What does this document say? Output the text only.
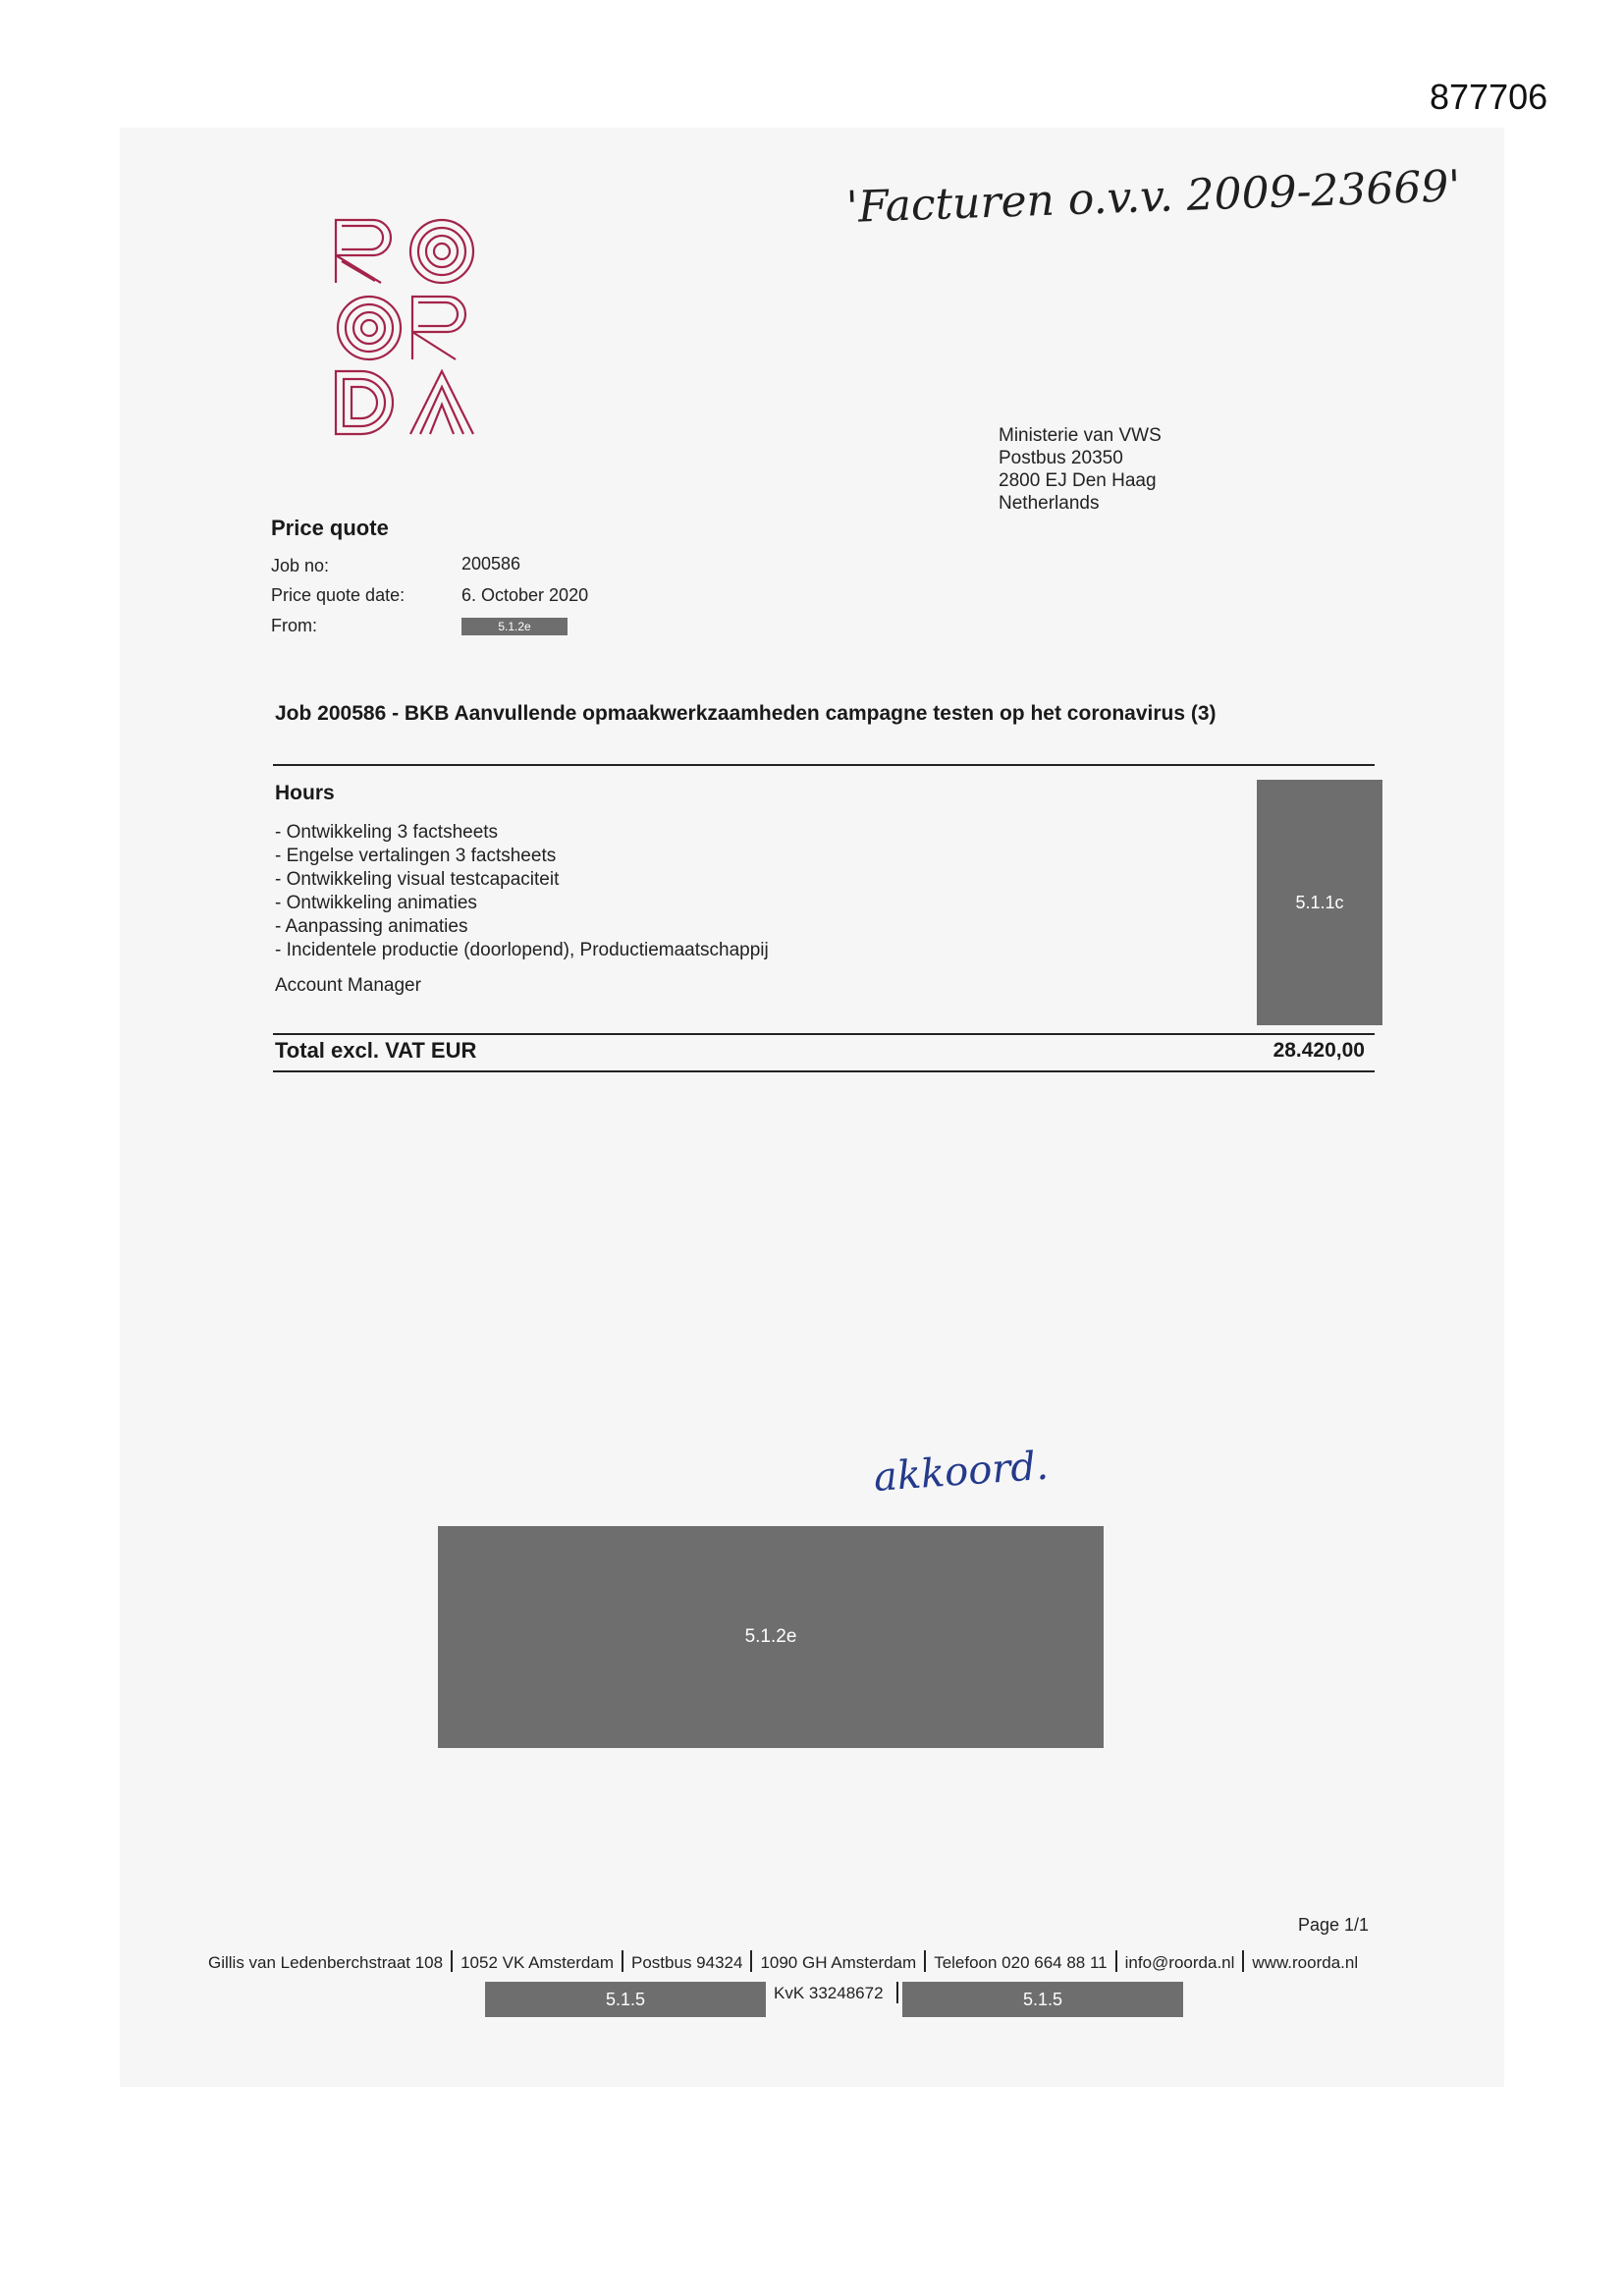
877706
'Facturen o.v.v. 2009-23669'
Ministerie van VWS
Postbus 20350
2800 EJ Den Haag
Netherlands
Price quote
Job no:	200586
Price quote date:	6. October 2020
From:	5.1.2e
Job 200586 - BKB Aanvullende opmaakwerkzaamheden campagne testen op het coronavirus (3)
Hours
- Ontwikkeling 3 factsheets
- Engelse vertalingen 3 factsheets
- Ontwikkeling visual testcapaciteit
- Ontwikkeling animaties
- Aanpassing animaties
- Incidentele productie (doorlopend), Productiemaatschappij
Account Manager
5.1.1c
Total excl. VAT EUR	28.420,00
akkoord.
5.1.2e
Page 1/1
Gillis van Ledenberchstraat 108 1052 VK Amsterdam Postbus 94324 1090 GH Amsterdam Telefoon 020 664 88 11 info@roorda.nl www.roorda.nl
5.1.5	KvK 33248672	5.1.5
